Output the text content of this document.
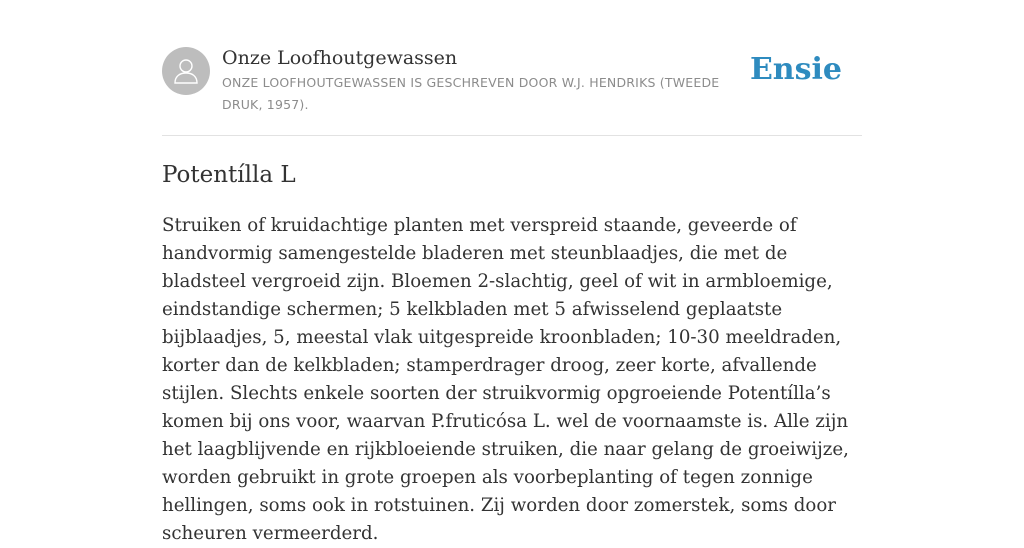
Onze Loofhoutgewassen
ONZE LOOFHOUTGEWASSEN IS GESCHREVEN DOOR W.J. HENDRIKS (TWEEDE DRUK, 1957).
Ensie
Potentílla L

Struiken of kruidachtige planten met verspreid staande, geveerde of handvormig samengestelde bladeren met steunblaadjes, die met de bladsteel vergroeid zijn. Bloemen 2-slachtig, geel of wit in armbloemige, eindstandige schermen; 5 kelkbladen met 5 afwisselend geplaatste bijblaadjes, 5, meestal vlak uitgespreide kroonbladen; 10-30 meeldraden, korter dan de kelkbladen; stamperdrager droog, zeer korte, afvallende stijlen. Slechts enkele soorten der struikvormig opgroeiende Potentílla’s komen bij ons voor, waarvan P.fruticósa L. wel de voornaamste is. Alle zijn het laagblijvende en rijkbloeiende struiken, die naar gelang de groeiwijze, worden gebruikt in grote groepen als voorbeplanting of tegen zonnige hellingen, soms ook in rotstuinen. Zij worden door zomerstek, soms door scheuren vermeerderd.
